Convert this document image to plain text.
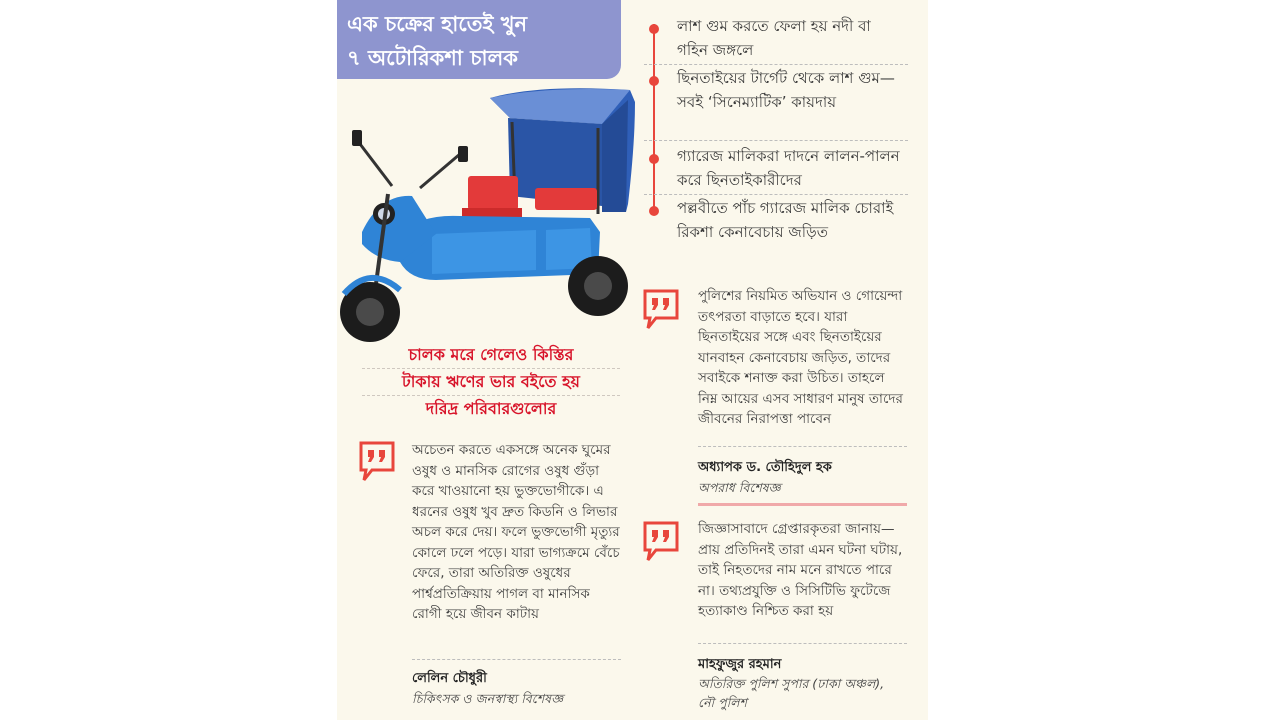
এক চক্রের হাতেই খুন
৭ অটোরিকশা চালক
চালক মরে গেলেও কিস্তির
টাকায় ঋণের ভার বইতে হয়
দরিদ্র পরিবারগুলোর
লাশ গুম করতে ফেলা হয় নদী বা গহিন জঙ্গলে
ছিনতাইয়ের টার্গেট থেকে লাশ গুম—সবই ‘সিনেম্যাটিক’ কায়দায়
গ্যারেজ মালিকরা দাদনে লালন-পালন করে ছিনতাইকারীদের
পল্লবীতে পাঁচ গ্যারেজ মালিক চোরাই রিকশা কেনাবেচায় জড়িত
পুলিশের নিয়মিত অভিযান ও গোয়েন্দা তৎপরতা বাড়াতে হবে। যারা ছিনতাইয়ের সঙ্গে এবং ছিনতাইয়ের যানবাহন কেনাবেচায় জড়িত, তাদের সবাইকে শনাক্ত করা উচিত। তাহলে নিম্ন আয়ের এসব সাধারণ মানুষ তাদের জীবনের নিরাপত্তা পাবেন
অধ্যাপক ড. তৌহিদুল হক
অপরাধ বিশেষজ্ঞ
জিজ্ঞাসাবাদে গ্রেপ্তারকৃতরা জানায়—প্রায় প্রতিদিনই তারা এমন ঘটনা ঘটায়, তাই নিহতদের নাম মনে রাখতে পারে না। তথ্যপ্রযুক্তি ও সিসিটিভি ফুটেজে হত্যাকাণ্ড নিশ্চিত করা হয়
মাহফুজুর রহমান
অতিরিক্ত পুলিশ সুপার (ঢাকা অঞ্চল), নৌ পুলিশ
অচেতন করতে একসঙ্গে অনেক ঘুমের ওষুধ ও মানসিক রোগের ওষুধ গুঁড়া করে খাওয়ানো হয় ভুক্তভোগীকে। এ ধরনের ওষুধ খুব দ্রুত কিডনি ও লিভার অচল করে দেয়। ফলে ভুক্তভোগী মৃত্যুর কোলে ঢলে পড়ে। যারা ভাগ্যক্রমে বেঁচে ফেরে, তারা অতিরিক্ত ওষুধের পার্শ্বপ্রতিক্রিয়ায় পাগল বা মানসিক রোগী হয়ে জীবন কাটায়
লেলিন চৌধুরী
চিকিৎসক ও জনস্বাস্থ্য বিশেষজ্ঞ
